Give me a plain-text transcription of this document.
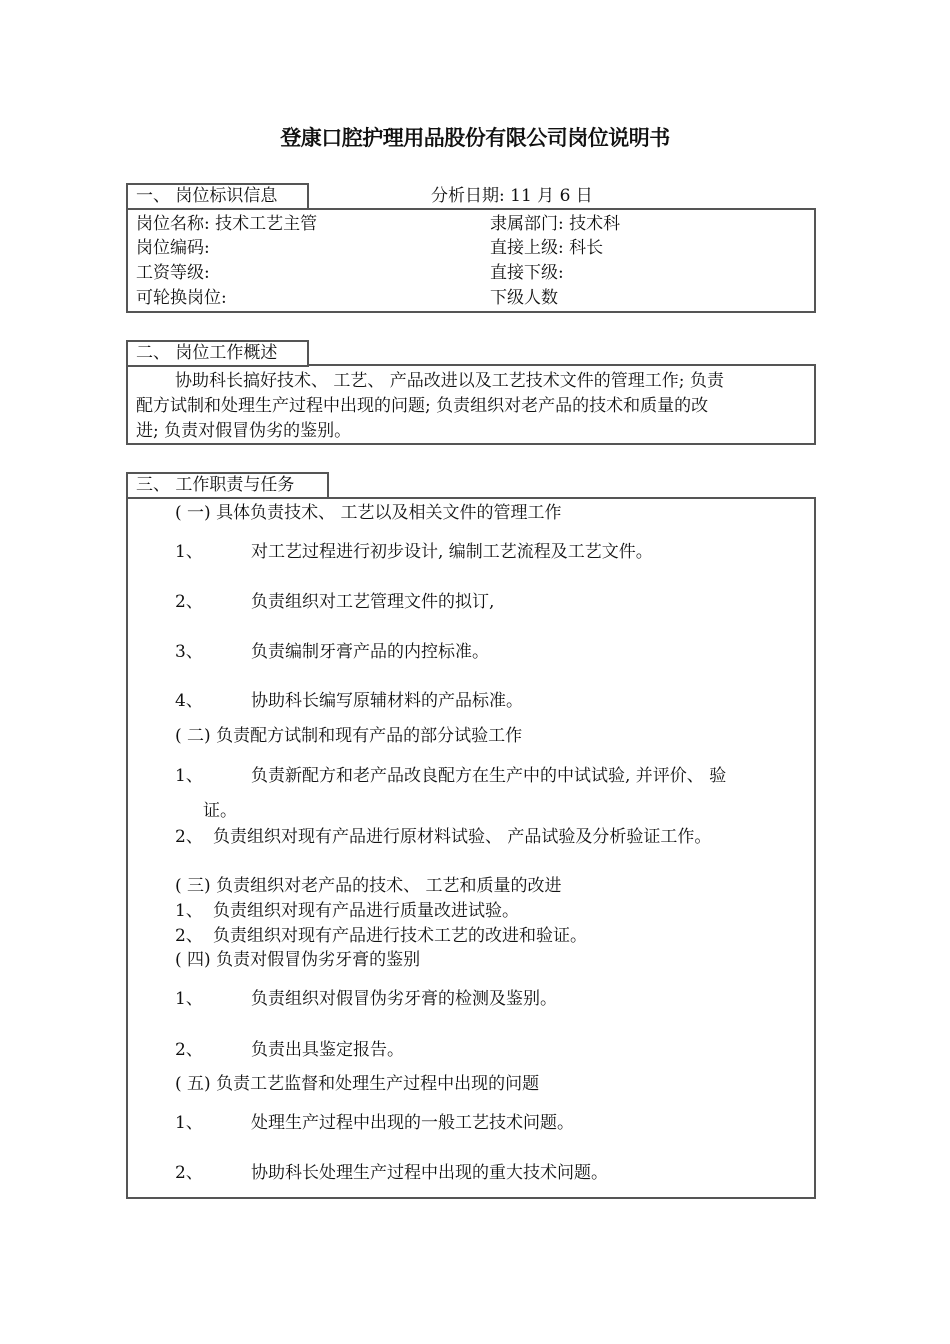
登康口腔护理用品股份有限公司岗位说明书
一、 岗位标识信息	分析日期: 11 月 6 日
岗位名称: 技术工艺主管	隶属部门: 技术科
岗位编码:	直接上级: 科长
工资等级:	直接下级:
可轮换岗位:	下级人数
二、 岗位工作概述
协助科长搞好技术、 工艺、 产品改进以及工艺技术文件的管理工作; 负责
配方试制和处理生产过程中出现的问题; 负责组织对老产品的技术和质量的改
进; 负责对假冒伪劣的鉴别。
三、 工作职责与任务
( 一) 具体负责技术、 工艺以及相关文件的管理工作
1、	对工艺过程进行初步设计, 编制工艺流程及工艺文件。
2、	负责组织对工艺管理文件的拟订,
3、	负责编制牙膏产品的内控标准。
4、	协助科长编写原辅材料的产品标准。
( 二) 负责配方试制和现有产品的部分试验工作
1、	负责新配方和老产品改良配方在生产中的中试试验, 并评价、 验
证。
2、 负责组织对现有产品进行原材料试验、 产品试验及分析验证工作。
( 三) 负责组织对老产品的技术、 工艺和质量的改进
1、 负责组织对现有产品进行质量改进试验。
2、 负责组织对现有产品进行技术工艺的改进和验证。
( 四) 负责对假冒伪劣牙膏的鉴别
1、	负责组织对假冒伪劣牙膏的检测及鉴别。
2、	负责出具鉴定报告。
( 五) 负责工艺监督和处理生产过程中出现的问题
1、	处理生产过程中出现的一般工艺技术问题。
2、	协助科长处理生产过程中出现的重大技术问题。
